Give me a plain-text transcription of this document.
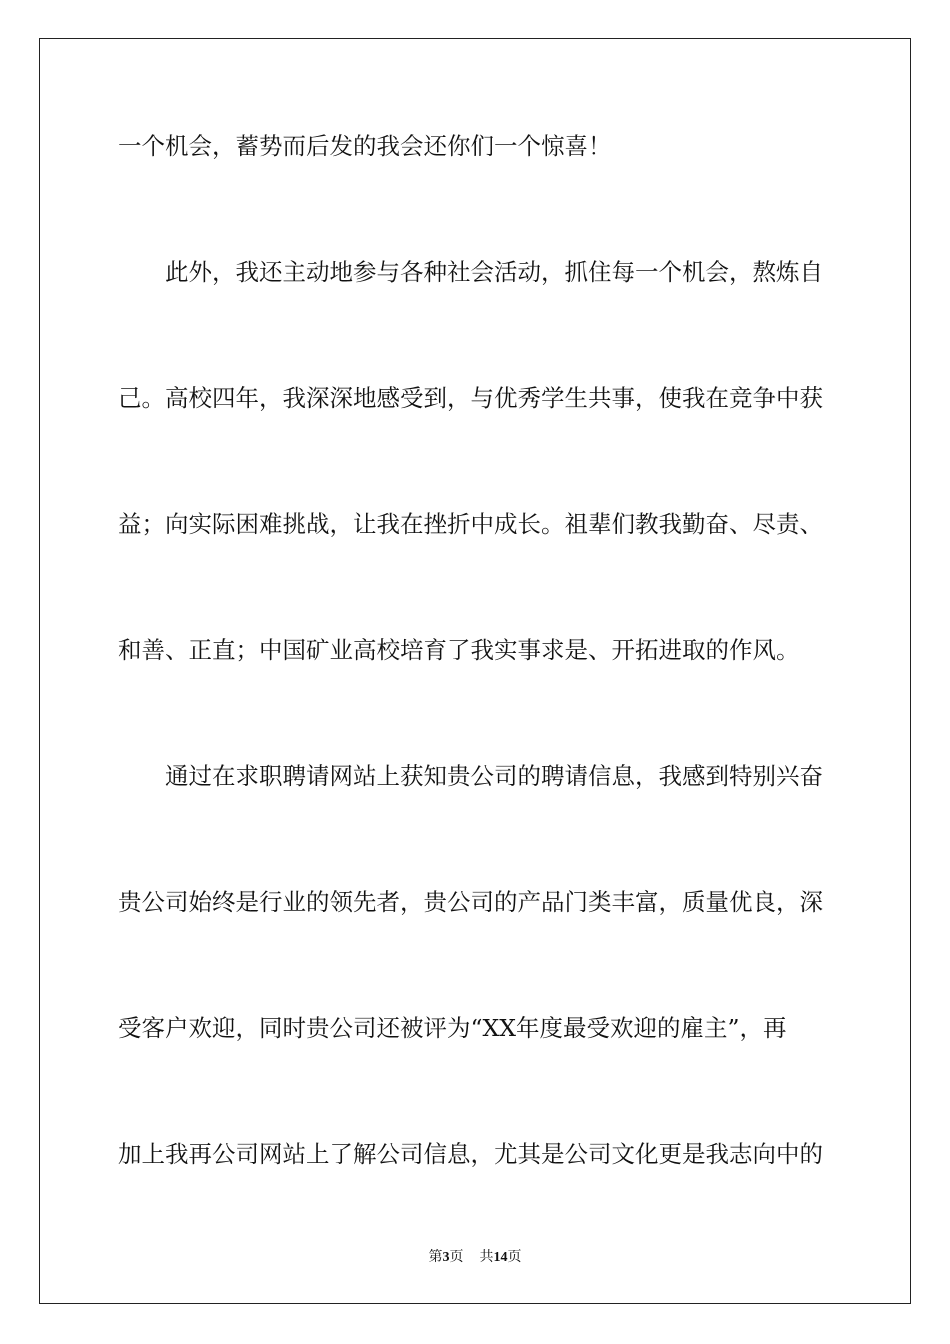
一个机会，蓄势而后发的我会还你们一个惊喜！
此外，我还主动地参与各种社会活动，抓住每一个机会，熬炼自
己。高校四年，我深深地感受到，与优秀学生共事，使我在竞争中获
益；向实际困难挑战，让我在挫折中成长。祖辈们教我勤奋、尽责、
和善、正直；中国矿业高校培育了我实事求是、开拓进取的作风。
通过在求职聘请网站上获知贵公司的聘请信息，我感到特别兴奋
贵公司始终是行业的领先者，贵公司的产品门类丰富，质量优良，深
受客户欢迎，同时贵公司还被评为“XX年度最受欢迎的雇主”，再
加上我再公司网站上了解公司信息，尤其是公司文化更是我志向中的
第3页 共14页
